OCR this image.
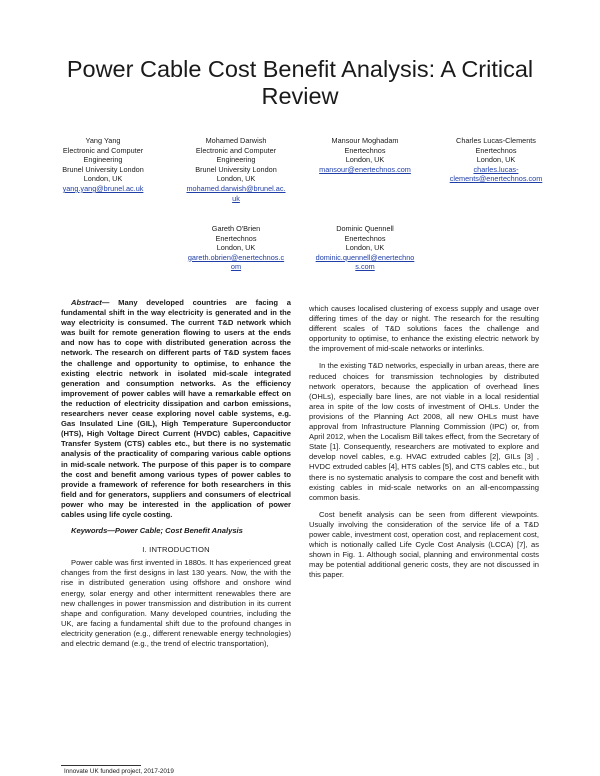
Power Cable Cost Benefit Analysis: A Critical Review
Yang Yang
Electronic and Computer
Engineering
Brunel University London
London, UK
yang.yang@brunel.ac.uk
Mohamed Darwish
Electronic and Computer
Engineering
Brunel University London
London, UK
mohamed.darwish@brunel.ac.
uk
Mansour Moghadam
Enertechnos
London, UK
mansour@enertechnos.com
Charles Lucas-Clements
Enertechnos
London, UK
charles.lucas-
clements@enertechnos.com
Gareth O'Brien
Enertechnos
London, UK
gareth.obrien@enertechnos.c
om
Dominic Quennell
Enertechnos
London, UK
dominic.quennell@enertechno
s.com

Abstract— Many developed countries are facing a fundamental shift in the way electricity is generated and in the way electricity is consumed. The current T&D network which was built for remote generation flowing to users at the ends and now has to cope with distributed generation across the network. The research on different parts of T&D system faces the challenge and opportunity to optimise, to enhance the existing electric network in isolated mid-scale integrated generation and consumption networks. As the efficiency improvement of power cables will have a remarkable effect on the reduction of electricity dissipation and carbon emissions, researchers never cease exploring novel cable systems, e.g. Gas Insulated Line (GIL), High Temperature Superconductor (HTS), High Voltage Direct Current (HVDC) cables, Capacitive Transfer System (CTS) cables etc., but there is no systematic analysis of the practicality of comparing various cable options in mid-scale network. The purpose of this paper is to compare the cost and benefit among various types of power cables to provide a framework of reference for both researchers in this field and for generators, suppliers and consumers of electrical power who may be interested in the application of power cables using life cycle costing.

Keywords—Power Cable; Cost Benefit Analysis

I. INTRODUCTION

Power cable was first invented in 1880s. It has experienced great changes from the first designs in last 130 years. Now, the with the rise in distributed generation using offshore and onshore wind energy, solar energy and other intermittent renewables there are new challenges in power transmission and distribution in its current shape and configuration. Many developed countries, including the UK, are facing a fundamental shift due to the profound changes in electricity generation (e.g., different renewable energy technologies) and electric demand (e.g., the trend of electric transportation),

which causes localised clustering of excess supply and usage over differing times of the day or night. The research for the resulting different scales of T&D solutions faces the challenge and opportunity to optimise, to enhance the existing electric network by the improvement of mid-scale networks or interlinks.

In the existing T&D networks, especially in urban areas, there are reduced choices for transmission technologies by distributed network operators, because the application of overhead lines (OHLs), especially bare lines, are not viable in a local residential area in spite of the low costs of investment of OHLs. Under the provisions of the Planning Act 2008, all new OHLs must have approval from Infrastructure Planning Commission (IPC) or, from April 2012, when the Localism Bill takes effect, from the Secretary of State [1]. Consequently, researchers are motivated to explore and develop novel cables, e.g. HVAC extruded cables [2], GILs [3] , HVDC extruded cables [4], HTS cables [5], and CTS cables etc., but there is no systematic analysis to compare the cost and benefit with existing cables in mid-scale networks on an all-encompassing common basis.

Cost benefit analysis can be seen from different viewpoints. Usually involving the consideration of the service life of a T&D power cable, investment cost, operation cost, and replacement cost, which is notionally called Life Cycle Cost Analysis (LCCA) [7], as shown in Fig. 1. Although social, planning and environmental costs may be potential additional generic costs, they are not discussed in this paper.

Innovate UK funded project, 2017-2019
